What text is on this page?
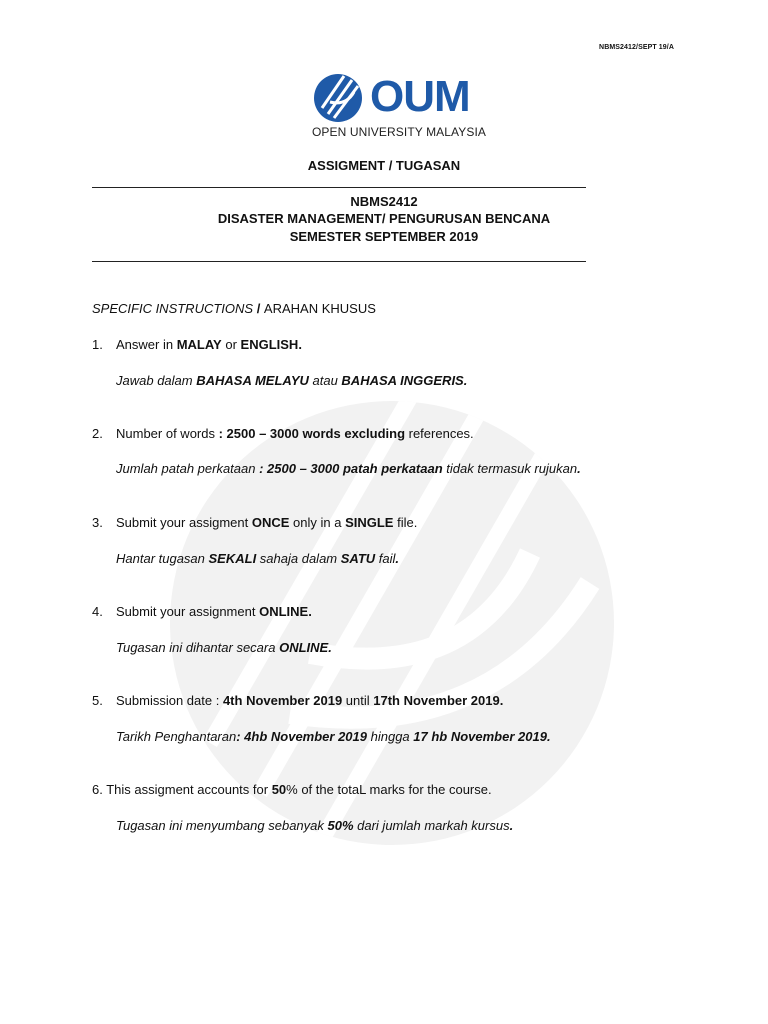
NBMS2412/SEPT 19/A
OUM
OPEN UNIVERSITY MALAYSIA
ASSIGMENT / TUGASAN
NBMS2412
DISASTER MANAGEMENT/ PENGURUSAN BENCANA
SEMESTER SEPTEMBER 2019
SPECIFIC INSTRUCTIONS / ARAHAN KHUSUS
1. Answer in MALAY or ENGLISH.
Jawab dalam BAHASA MELAYU atau BAHASA INGGERIS.
2. Number of words : 2500 – 3000 words excluding references.
Jumlah patah perkataan : 2500 – 3000 patah perkataan tidak termasuk rujukan.
3. Submit your assigment ONCE only in a SINGLE file.
Hantar tugasan SEKALI sahaja dalam SATU fail.
4. Submit your assignment ONLINE.
Tugasan ini dihantar secara ONLINE.
5. Submission date : 4th November 2019 until 17th November 2019.
Tarikh Penghantaran: 4hb November 2019 hingga 17 hb November 2019.
6. This assigment accounts for 50% of the totaL marks for the course.
Tugasan ini menyumbang sebanyak 50% dari jumlah markah kursus.
